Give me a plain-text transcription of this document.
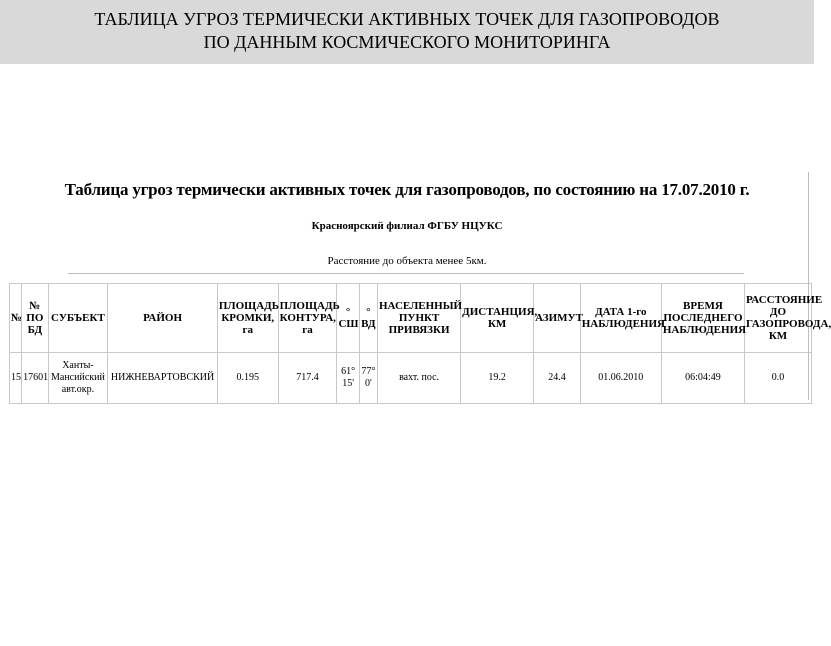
ТАБЛИЦА УГРОЗ ТЕРМИЧЕСКИ АКТИВНЫХ ТОЧЕК ДЛЯ ГАЗОПРОВОДОВ
ПО ДАННЫМ КОСМИЧЕСКОГО МОНИТОРИНГА
Таблица угроз термически активных точек для газопроводов, по состоянию на 17.07.2010 г.
Красноярский филиал ФГБУ НЦУКС
Расстояние до объекта менее 5км.
№	№ ПО БД	СУБЪЕКТ	РАЙОН	ПЛОЩАДЬ КРОМКИ, га	ПЛОЩАДЬ КОНТУРА, га	° СШ	° ВД	НАСЕЛЕННЫЙ ПУНКТ ПРИВЯЗКИ	ДИСТАНЦИЯ, КМ	АЗИМУТ	ДАТА 1-го НАБЛЮДЕНИЯ	ВРЕМЯ ПОСЛЕДНЕГО НАБЛЮДЕНИЯ	РАССТОЯНИЕ ДО ГАЗОПРОВОДА, КМ
15	17601	Ханты-Мансийский авт.окр.	НИЖНЕВАРТОВСКИЙ	0.195	717.4	61° 15'	77° 0'	вахт. пос.	19.2	24.4	01.06.2010	06:04:49	0.0
